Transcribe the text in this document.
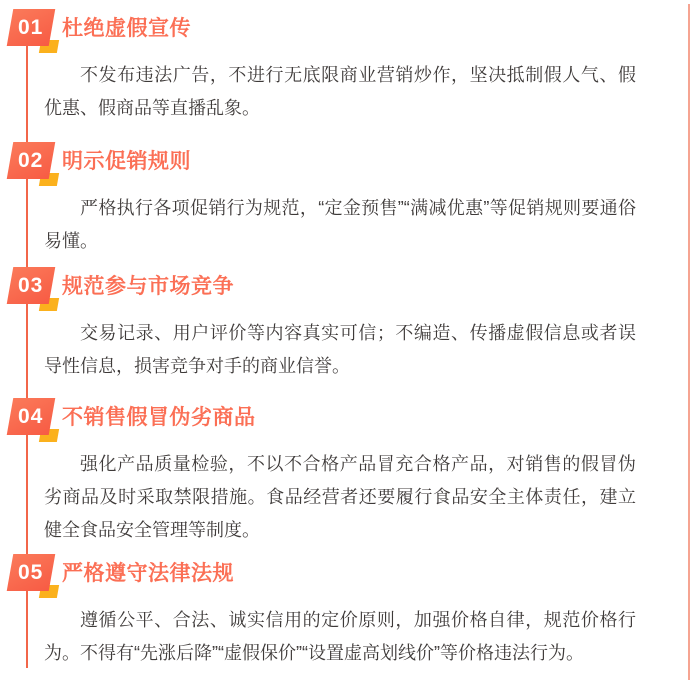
01 杜绝虚假宣传

不发布违法广告，不进行无底限商业营销炒作，坚决抵制假人气、假优惠、假商品等直播乱象。

02 明示促销规则

严格执行各项促销行为规范，“定金预售”“满减优惠”等促销规则要通俗易懂。

03 规范参与市场竞争

交易记录、用户评价等内容真实可信；不编造、传播虚假信息或者误导性信息，损害竞争对手的商业信誉。

04 不销售假冒伪劣商品

强化产品质量检验，不以不合格产品冒充合格产品，对销售的假冒伪劣商品及时采取禁限措施。食品经营者还要履行食品安全主体责任，建立健全食品安全管理等制度。

05 严格遵守法律法规

遵循公平、合法、诚实信用的定价原则，加强价格自律，规范价格行为。不得有“先涨后降”“虚假保价”“设置虚高划线价”等价格违法行为。
